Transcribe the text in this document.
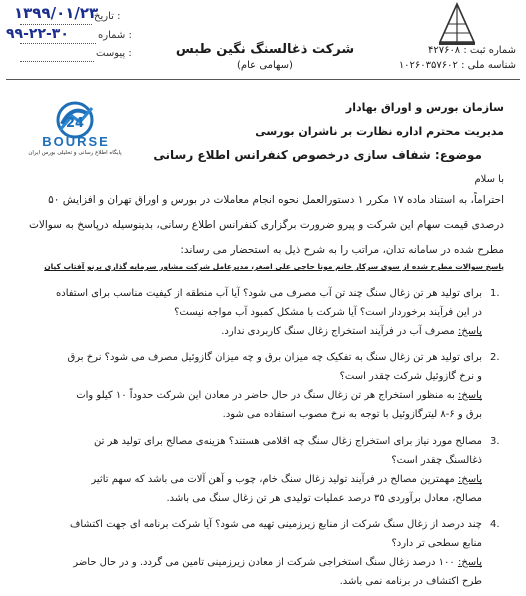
تاریخ :
۱۳۹۹/۰۱/۲۳
شماره :
۹۹-۲۲-۳۰
پیوست :	شرکت ذغالسنگ نگین طبس
(سهامی عام)
شماره ثبت : ۴۲۷۶۰۸
شناسه ملی : ۱۰۲۶۰۳۵۷۶۰۲
24
BOURSE
پایگاه اطلاع رسانی و تحلیلی بورس ایران
سازمان بورس و اوراق بهادار
مدیریت محترم اداره نظارت بر ناشران بورسی
موضوع: شفاف سازی درخصوص کنفرانس اطلاع رسانی
با سلام
احتراماً، به استناد ماده ۱۷ مکرر ۱ دستورالعمل نحوه انجام معاملات در بورس و اوراق تهران و افزایش ۵۰
درصدی قیمت سهام این شرکت و پیرو ضرورت برگزاری کنفرانس اطلاع رسانی، بدینوسیله درپاسخ به سوالات
مطرح شده در سامانه تدان، مراتب را به شرح ذیل به استحضار می رساند:
پاسخ سوالات مطرح شده از سوی سرکار خانم مونا حاجی علی اصغر، مدیرعامل شرکت مشاور سرمایه گذاری برنو آفتاب کیان
1.
برای تولید هر تن زغال سنگ چند تن آب مصرف می شود؟ آیا آب منطقه از کیفیت مناسب برای استفاده
در این فرآیند برخوردار است؟ آیا شرکت با مشکل کمبود آب مواجه نیست؟
پاسخ: مصرف آب در فرآیند استخراج زغال سنگ کاربردی ندارد.
2.
برای تولید هر تن زغال سنگ به تفکیک چه میزان برق و چه میزان گازوئیل مصرف می شود؟ نرخ برق
و نرخ گازوئیل شرکت چقدر است؟
پاسخ: به منظور استخراج هر تن زغال سنگ در حال حاضر در معادن این شرکت حدوداً ۱۰ کیلو وات
برق و ۶-۸ لیترگازوئیل با توجه به نرخ مصوب استفاده می شود.
3.
مصالح مورد نیاز برای استخراج زغال سنگ چه اقلامی هستند؟ هزینه‌ی مصالح برای تولید هر تن
ذغالسنگ چقدر است؟
پاسخ: مهمترین مصالح در فرآیند تولید زغال سنگ خام، چوب و آهن آلات می باشد که سهم تاثیر
مصالح، معادل برآوردی ۳۵ درصد عملیات تولیدی هر تن زغال سنگ می باشد.
4.
چند درصد از زغال سنگ شرکت از منابع زیرزمینی تهیه می شود؟ آیا شرکت برنامه ای جهت اکتشاف
منابع سطحی تر دارد؟
پاسخ: ۱۰۰ درصد زغال سنگ استخراجی شرکت از معادن زیرزمینی تامین می گردد. و در حال حاضر
طرح اکتشاف در برنامه نمی باشد.
